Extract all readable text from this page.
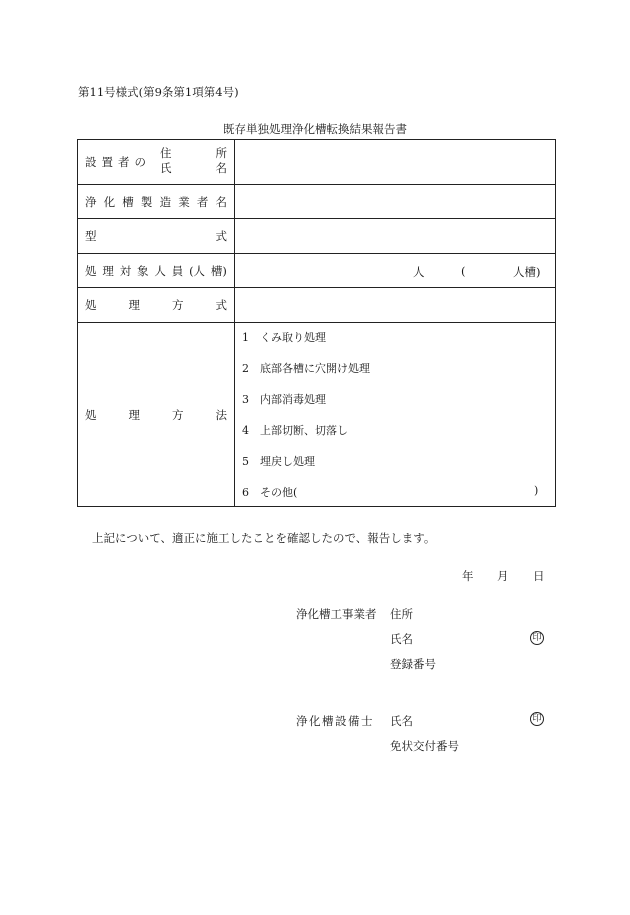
第11号様式(第9条第1項第4号)
既存単独処理浄化槽転換結果報告書
設置者の
住	所
氏	名
浄 化 槽 製 造 業 者 名
型	式
処 理 対 象 人 員 (人 槽)	人	(	人槽)
処	理	方	式
処	理	方	法
1 くみ取り処理
2 底部各槽に穴開け処理
3 内部消毒処理
4 上部切断、切落し
5 埋戻し処理
6 その他(	)
上記について、適正に施工したことを確認したので、報告します。
年 月 日
浄化槽工事業者 住所
氏名	印
登録番号
浄化槽設備士 氏名	印
免状交付番号
